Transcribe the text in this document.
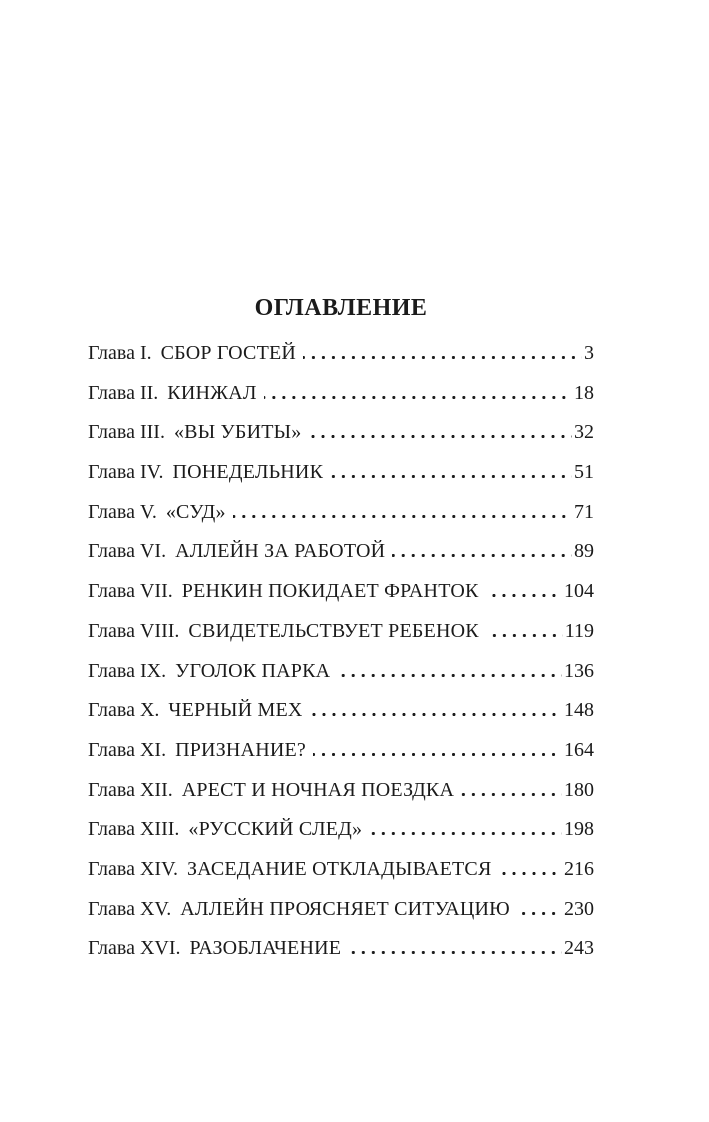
ОГЛАВЛЕНИЕ
Глава I. СБОР ГОСТЕЙ	3
Глава II. КИНЖАЛ	18
Глава III. «ВЫ УБИТЫ»	32
Глава IV. ПОНЕДЕЛЬНИК	51
Глава V. «СУД»	71
Глава VI. АЛЛЕЙН ЗА РАБОТОЙ	89
Глава VII. РЕНКИН ПОКИДАЕТ ФРАНТОК	104
Глава VIII. СВИДЕТЕЛЬСТВУЕТ РЕБЕНОК	119
Глава IX. УГОЛОК ПАРКА	136
Глава X. ЧЕРНЫЙ МЕХ	148
Глава XI. ПРИЗНАНИЕ?	164
Глава XII. АРЕСТ И НОЧНАЯ ПОЕЗДКА	180
Глава XIII. «РУССКИЙ СЛЕД»	198
Глава XIV. ЗАСЕДАНИЕ ОТКЛАДЫВАЕТСЯ	216
Глава XV. АЛЛЕЙН ПРОЯСНЯЕТ СИТУАЦИЮ	230
Глава XVI. РАЗОБЛАЧЕНИЕ	243
